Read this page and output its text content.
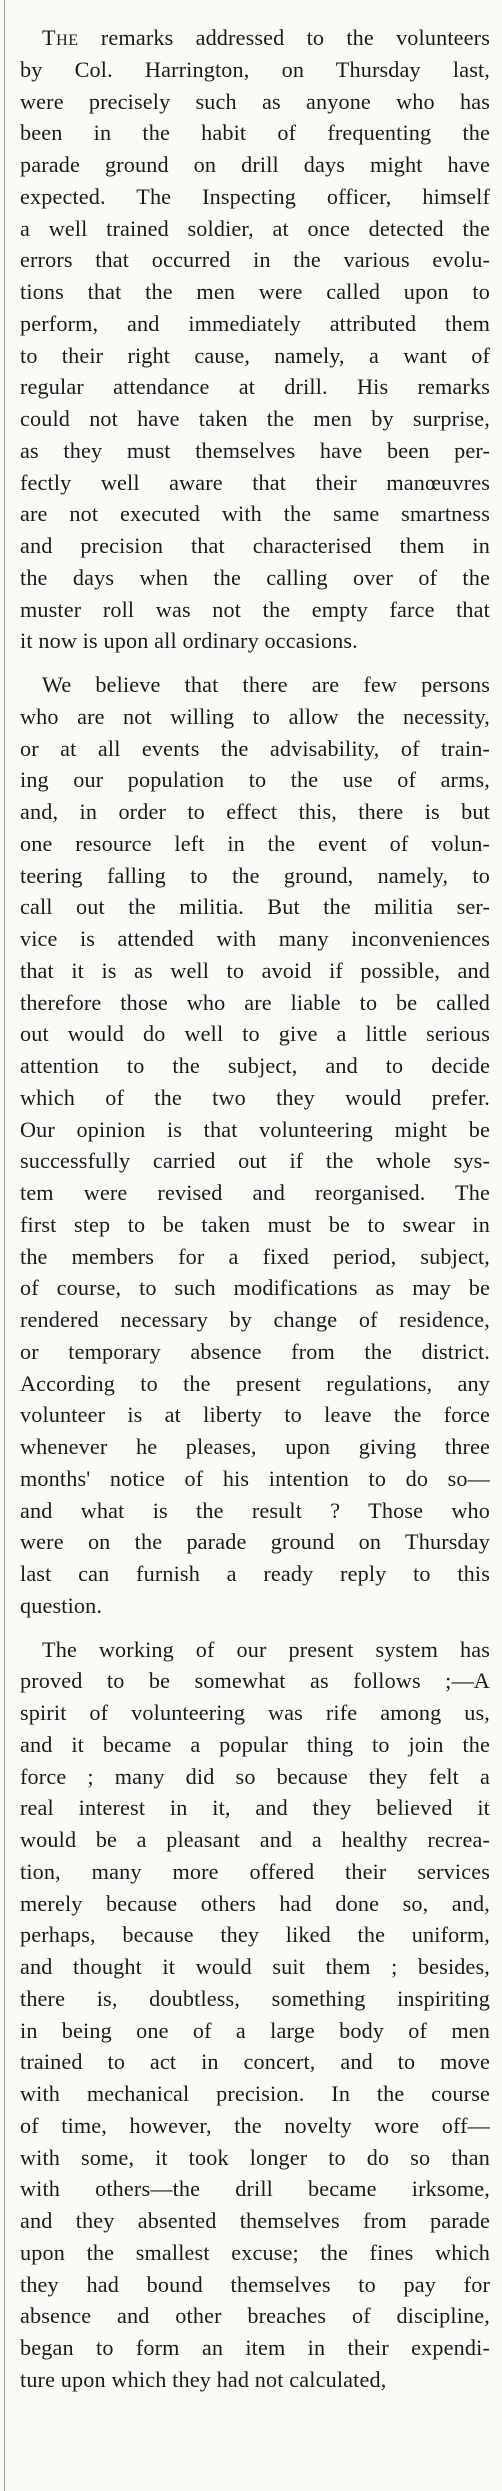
The remarks addressed to the volunteers
by Col. Harrington, on Thursday last,
were precisely such as anyone who has
been in the habit of frequenting the
parade ground on drill days might have
expected. The Inspecting officer, himself
a well trained soldier, at once detected the
errors that occurred in the various evolu-
tions that the men were called upon to
perform, and immediately attributed them
to their right cause, namely, a want of
regular attendance at drill. His remarks
could not have taken the men by surprise,
as they must themselves have been per-
fectly well aware that their manœuvres
are not executed with the same smartness
and precision that characterised them in
the days when the calling over of the
muster roll was not the empty farce that
it now is upon all ordinary occasions.
We believe that there are few persons
who are not willing to allow the necessity,
or at all events the advisability, of train-
ing our population to the use of arms,
and, in order to effect this, there is but
one resource left in the event of volun-
teering falling to the ground, namely, to
call out the militia. But the militia ser-
vice is attended with many inconveniences
that it is as well to avoid if possible, and
therefore those who are liable to be called
out would do well to give a little serious
attention to the subject, and to decide
which of the two they would prefer.
Our opinion is that volunteering might be
successfully carried out if the whole sys-
tem were revised and reorganised. The
first step to be taken must be to swear in
the members for a fixed period, subject,
of course, to such modifications as may be
rendered necessary by change of residence,
or temporary absence from the district.
According to the present regulations, any
volunteer is at liberty to leave the force
whenever he pleases, upon giving three
months' notice of his intention to do so—
and what is the result ? Those who
were on the parade ground on Thursday
last can furnish a ready reply to this
question.
The working of our present system has
proved to be somewhat as follows ;—A
spirit of volunteering was rife among us,
and it became a popular thing to join the
force ; many did so because they felt a
real interest in it, and they believed it
would be a pleasant and a healthy recrea-
tion, many more offered their services
merely because others had done so, and,
perhaps, because they liked the uniform,
and thought it would suit them ; besides,
there is, doubtless, something inspiriting
in being one of a large body of men
trained to act in concert, and to move
with mechanical precision. In the course
of time, however, the novelty wore off—
with some, it took longer to do so than
with others—the drill became irksome,
and they absented themselves from parade
upon the smallest excuse; the fines which
they had bound themselves to pay for
absence and other breaches of discipline,
began to form an item in their expendi-
ture upon which they had not calculated,
